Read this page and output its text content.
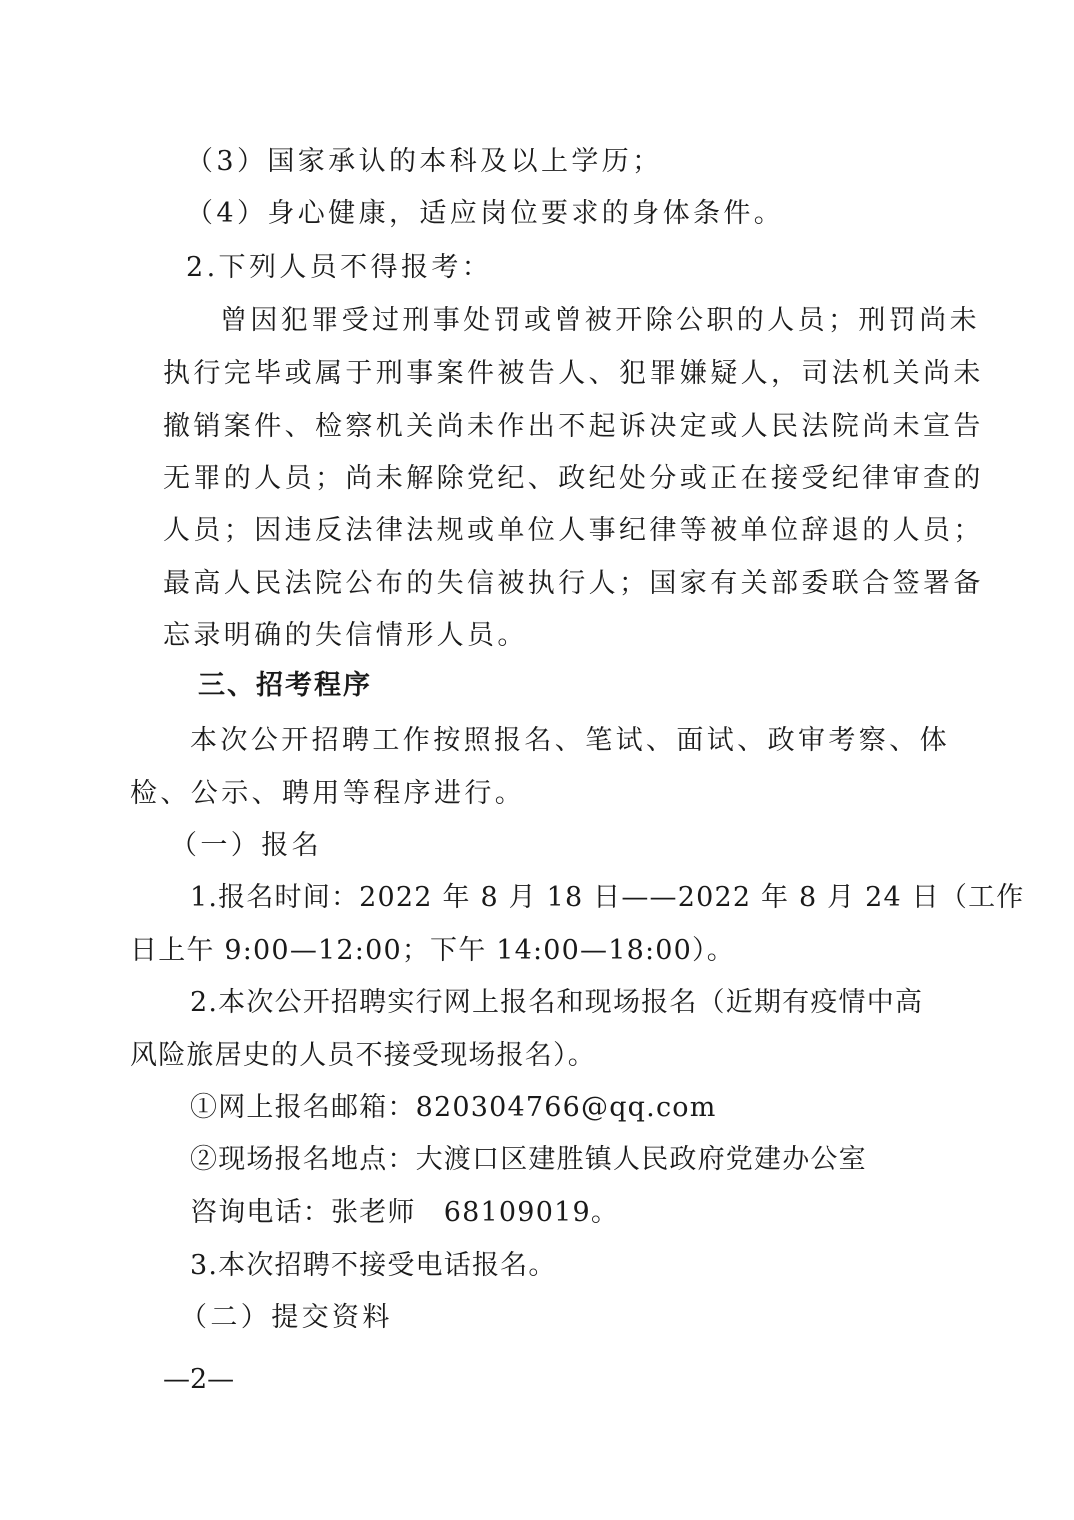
（3）国家承认的本科及以上学历；
（4）身心健康，适应岗位要求的身体条件。
2.下列人员不得报考：
曾因犯罪受过刑事处罚或曾被开除公职的人员；刑罚尚未
执行完毕或属于刑事案件被告人、犯罪嫌疑人，司法机关尚未
撤销案件、检察机关尚未作出不起诉决定或人民法院尚未宣告
无罪的人员；尚未解除党纪、政纪处分或正在接受纪律审查的
人员；因违反法律法规或单位人事纪律等被单位辞退的人员；
最高人民法院公布的失信被执行人；国家有关部委联合签署备
忘录明确的失信情形人员。
三、招考程序
本次公开招聘工作按照报名、笔试、面试、政审考察、体
检、公示、聘用等程序进行。
（一）报名
1.报名时间：2022 年 8 月 18 日——2022 年 8 月 24 日（工作
日上午 9:00—12:00；下午 14:00—18:00）。
2.本次公开招聘实行网上报名和现场报名（近期有疫情中高
风险旅居史的人员不接受现场报名）。
①网上报名邮箱：820304766@qq.com
②现场报名地点：大渡口区建胜镇人民政府党建办公室
咨询电话：张老师　68109019。
3.本次招聘不接受电话报名。
（二）提交资料
—2—
